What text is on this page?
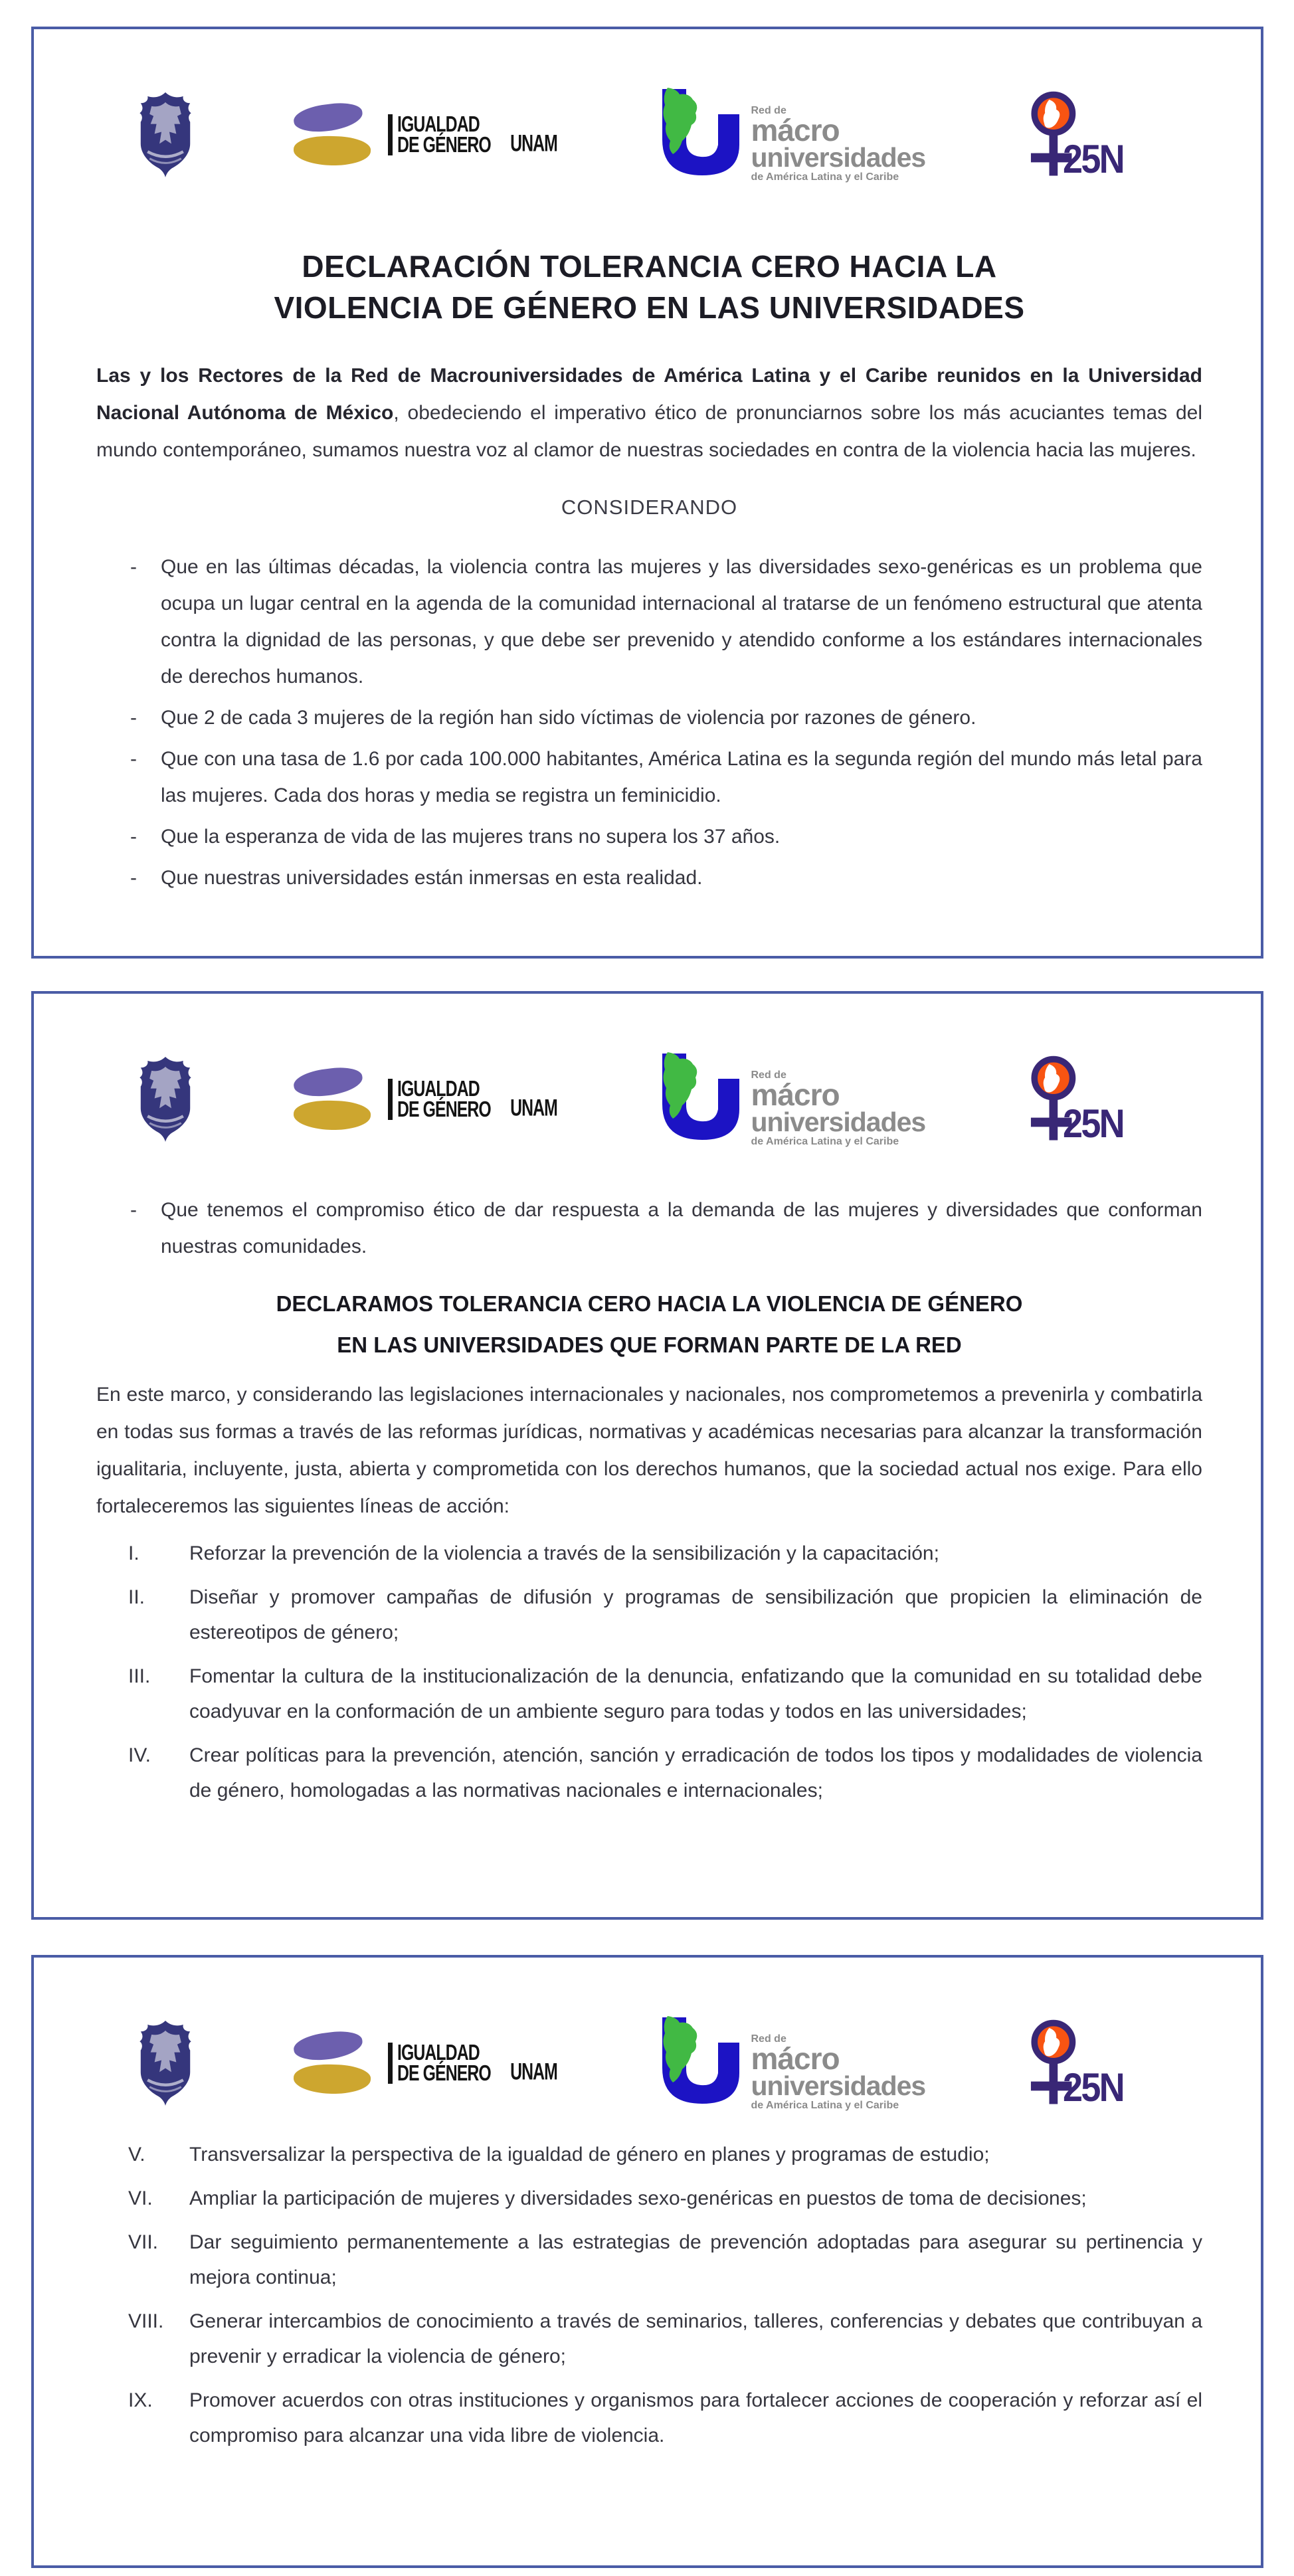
IGUALDAD
DE GÉNERO UNAM
Red de
mácro
universidades
de América Latina y el Caribe	25N
DECLARACIÓN TOLERANCIA CERO HACIA LA
VIOLENCIA DE GÉNERO EN LAS UNIVERSIDADES

Las y los Rectores de la Red de Macrouniversidades de América Latina y el Caribe reunidos en la Universidad Nacional Autónoma de México, obedeciendo el imperativo ético de pronunciarnos sobre los más acuciantes temas del mundo contemporáneo, sumamos nuestra voz al clamor de nuestras sociedades en contra de la violencia hacia las mujeres.

CONSIDERANDO

-	Que en las últimas décadas, la violencia contra las mujeres y las diversidades sexo-genéricas es un problema que ocupa un lugar central en la agenda de la comunidad internacional al tratarse de un fenómeno estructural que atenta contra la dignidad de las personas, y que debe ser prevenido y atendido conforme a los estándares internacionales de derechos humanos.
-	Que 2 de cada 3 mujeres de la región han sido víctimas de violencia por razones de género.
-	Que con una tasa de 1.6 por cada 100.000 habitantes, América Latina es la segunda región del mundo más letal para las mujeres. Cada dos horas y media se registra un feminicidio.
-	Que la esperanza de vida de las mujeres trans no supera los 37 años.
-	Que nuestras universidades están inmersas en esta realidad.
IGUALDAD
DE GÉNERO UNAM
Red de
mácro
universidades
de América Latina y el Caribe	25N
-	Que tenemos el compromiso ético de dar respuesta a la demanda de las mujeres y diversidades que conforman nuestras comunidades.
DECLARAMOS TOLERANCIA CERO HACIA LA VIOLENCIA DE GÉNERO
EN LAS UNIVERSIDADES QUE FORMAN PARTE DE LA RED

En este marco, y considerando las legislaciones internacionales y nacionales, nos comprometemos a prevenirla y combatirla en todas sus formas a través de las reformas jurídicas, normativas y académicas necesarias para alcanzar la transformación igualitaria, incluyente, justa, abierta y comprometida con los derechos humanos, que la sociedad actual nos exige. Para ello fortaleceremos las siguientes líneas de acción:

I.	Reforzar la prevención de la violencia a través de la sensibilización y la capacitación;
II.	Diseñar y promover campañas de difusión y programas de sensibilización que propicien la eliminación de estereotipos de género;
III.	Fomentar la cultura de la institucionalización de la denuncia, enfatizando que la comunidad en su totalidad debe coadyuvar en la conformación de un ambiente seguro para todas y todos en las universidades;
IV.	Crear políticas para la prevención, atención, sanción y erradicación de todos los tipos y modalidades de violencia de género, homologadas a las normativas nacionales e internacionales;
IGUALDAD
DE GÉNERO UNAM
Red de
mácro
universidades
de América Latina y el Caribe	25N
V.	Transversalizar la perspectiva de la igualdad de género en planes y programas de estudio;
VI.	Ampliar la participación de mujeres y diversidades sexo-genéricas en puestos de toma de decisiones;
VII.	Dar seguimiento permanentemente a las estrategias de prevención adoptadas para asegurar su pertinencia y mejora continua;
VIII.	Generar intercambios de conocimiento a través de seminarios, talleres, conferencias y debates que contribuyan a prevenir y erradicar la violencia de género;
IX.	Promover acuerdos con otras instituciones y organismos para fortalecer acciones de cooperación y reforzar así el compromiso para alcanzar una vida libre de violencia.
